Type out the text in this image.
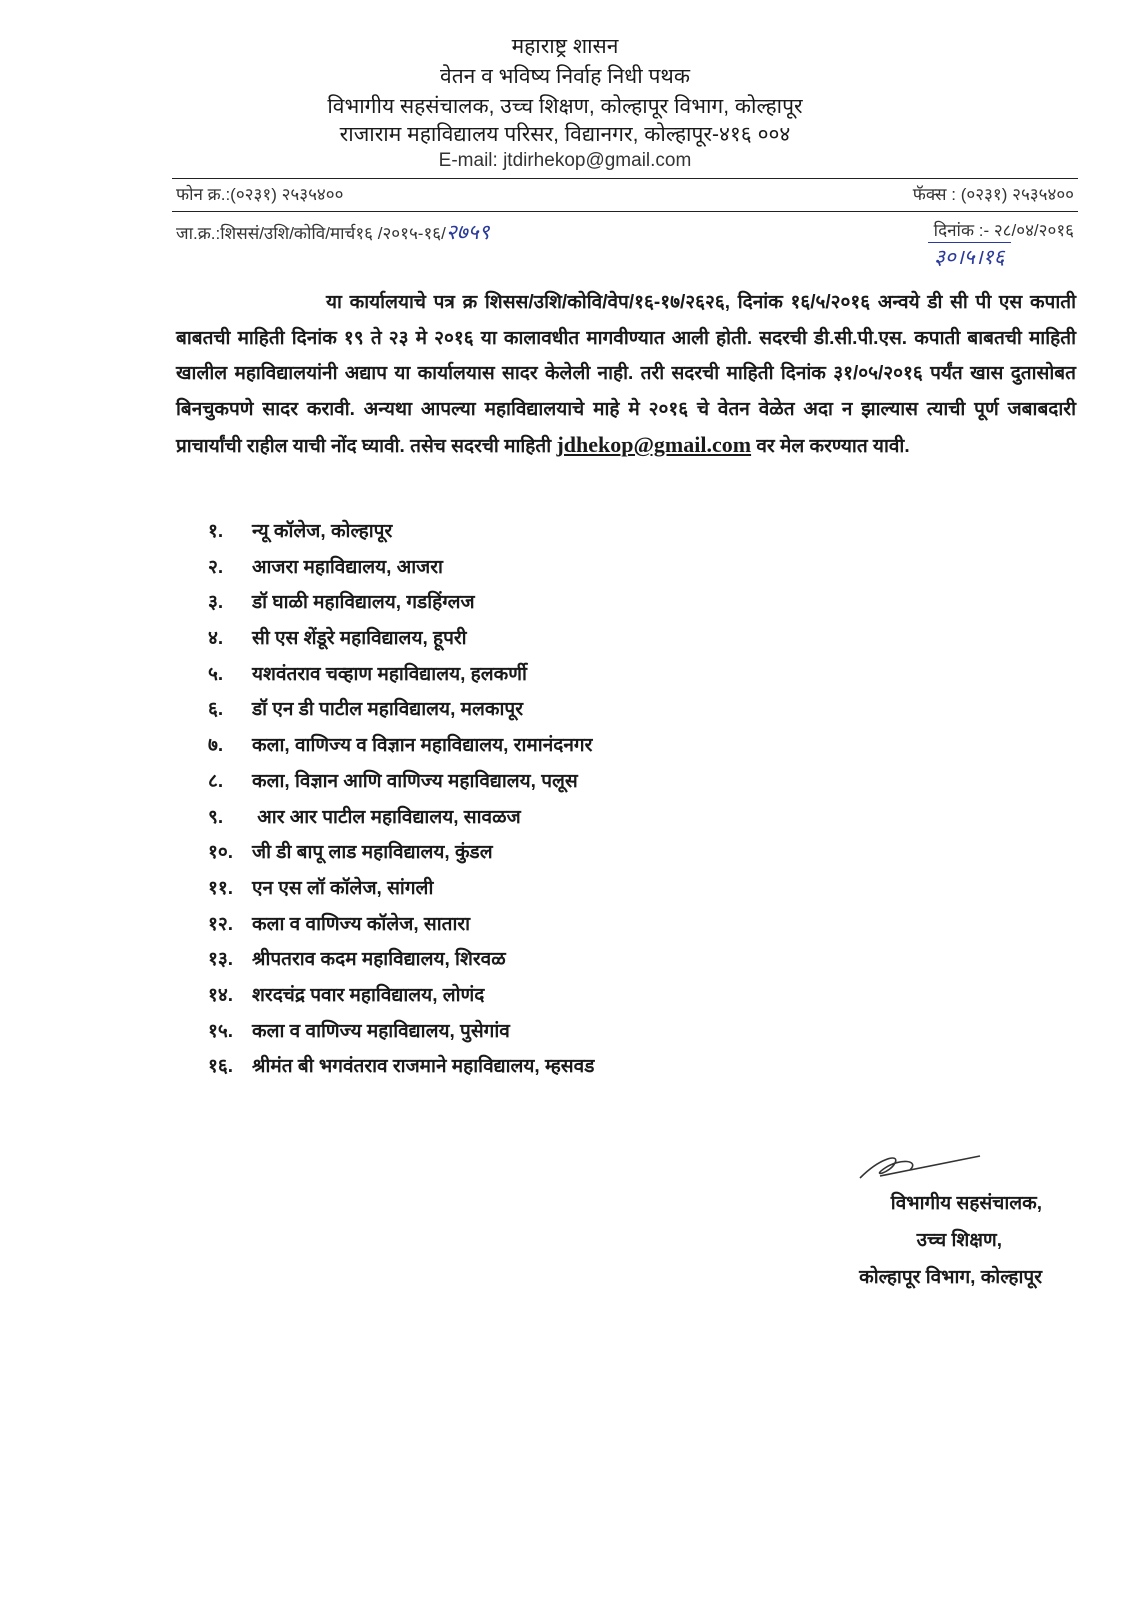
महाराष्ट्र शासन
वेतन व भविष्य निर्वाह निधी पथक
विभागीय सहसंचालक, उच्च शिक्षण, कोल्हापूर विभाग, कोल्हापूर
राजाराम महाविद्यालय परिसर, विद्यानगर, कोल्हापूर-४१६ ००४
E-mail: jtdirhekop@gmail.com
फोन क्र.:(०२३१) २५३५४००	फॅक्स : (०२३१) २५३५४००
जा.क्र.:शिससं/उशि/कोवि/मार्च१६ /२०१५-१६/२७५९	दिनांक :- २८/०४/२०१६
३०।५।१६
या कार्यालयाचे पत्र क्र शिसस/उशि/कोवि/वेप/१६-१७/२६२६, दिनांक १६/५/२०१६ अन्वये डी सी पी एस कपाती बाबतची माहिती दिनांक १९ ते २३ मे २०१६ या कालावधीत मागवीण्यात आली होती. सदरची डी.सी.पी.एस. कपाती बाबतची माहिती खालील महाविद्यालयांनी अद्याप या कार्यालयास सादर केलेली नाही. तरी सदरची माहिती दिनांक ३१/०५/२०१६ पर्यंत खास दुतासोबत बिनचुकपणे सादर करावी. अन्यथा आपल्या महाविद्यालयाचे माहे मे २०१६ चे वेतन वेळेत अदा न झाल्यास त्याची पूर्ण जबाबदारी प्राचार्यांची राहील याची नोंद घ्यावी. तसेच सदरची माहिती jdhekop@gmail.com वर मेल करण्यात यावी.
१. न्यू कॉलेज, कोल्हापूर
२. आजरा महाविद्यालय, आजरा
३. डॉ घाळी महाविद्यालय, गडहिंग्लज
४. सी एस शेंडूरे महाविद्यालय, हूपरी
५. यशवंतराव चव्हाण महाविद्यालय, हलकर्णी
६. डॉ एन डी पाटील महाविद्यालय, मलकापूर
७. कला, वाणिज्य व विज्ञान महाविद्यालय, रामानंदनगर
८. कला, विज्ञान आणि वाणिज्य महाविद्यालय, पलूस
९. आर आर पाटील महाविद्यालय, सावळज
१०. जी डी बापू लाड महाविद्यालय, कुंडल
११. एन एस लॉ कॉलेज, सांगली
१२. कला व वाणिज्य कॉलेज, सातारा
१३. श्रीपतराव कदम महाविद्यालय, शिरवळ
१४. शरदचंद्र पवार महाविद्यालय, लोणंद
१५. कला व वाणिज्य महाविद्यालय, पुसेगांव
१६. श्रीमंत बी भगवंतराव राजमाने महाविद्यालय, म्हसवड
विभागीय सहसंचालक,
उच्च शिक्षण,
कोल्हापूर विभाग, कोल्हापूर
